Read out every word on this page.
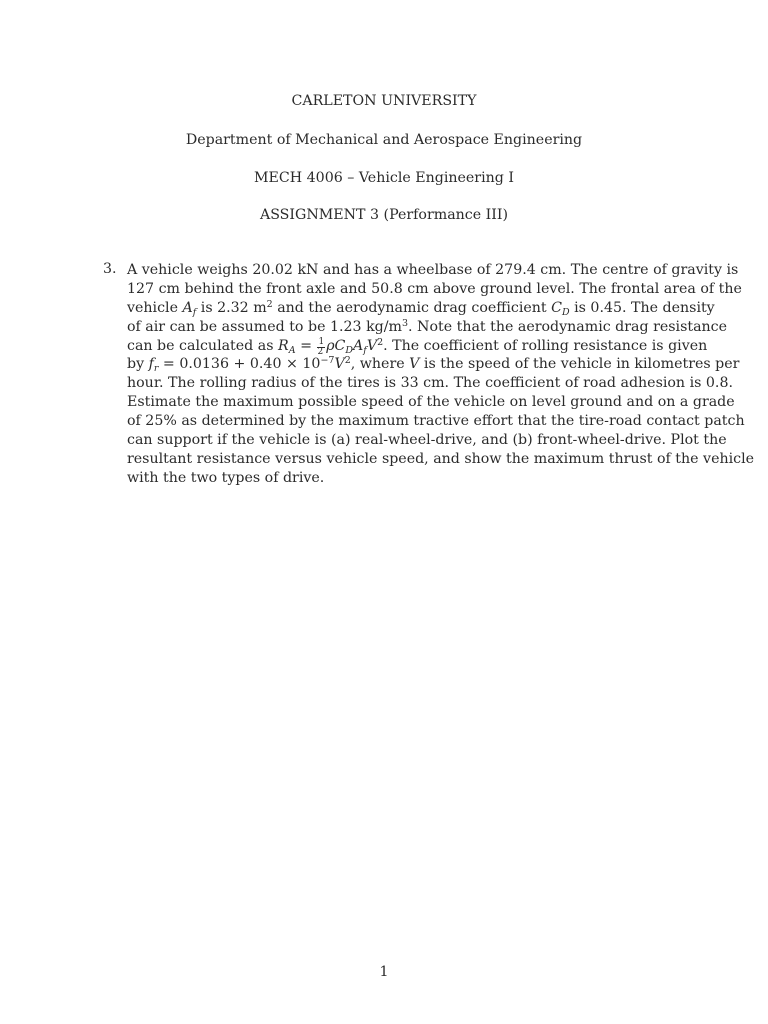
CARLETON UNIVERSITY
Department of Mechanical and Aerospace Engineering
MECH 4006 – Vehicle Engineering I
ASSIGNMENT 3 (Performance III)
3. A vehicle weighs 20.02 kN and has a wheelbase of 279.4 cm. The centre of gravity is
127 cm behind the front axle and 50.8 cm above ground level. The frontal area of the
vehicle $A_f$ is 2.32 $m^2$ and the aerodynamic drag coefficient $C_D$ is 0.45. The density
of air can be assumed to be 1.23 $kg/m^3$. Note that the aerodynamic drag resistance
can be calculated as $R_A = \frac{1}{2} \rho C_DA_fV^2$. The coefficient of rolling resistance is given
by $f_r = 0.0136 + 0.40 \times 10^{-7}V^2$, where V is the speed of the vehicle in kilometres per
hour. The rolling radius of the tires is 33 cm. The coefficient of road adhesion is 0.8.
Estimate the maximum possible speed of the vehicle on level ground and on a grade
of 25% as determined by the maximum tractive effort that the tire-road contact patch
can support if the vehicle is (a) real-wheel-drive, and (b) front-wheel-drive. Plot the
resultant resistance versus vehicle speed, and show the maximum thrust of the vehicle
with the two types of drive.
1
